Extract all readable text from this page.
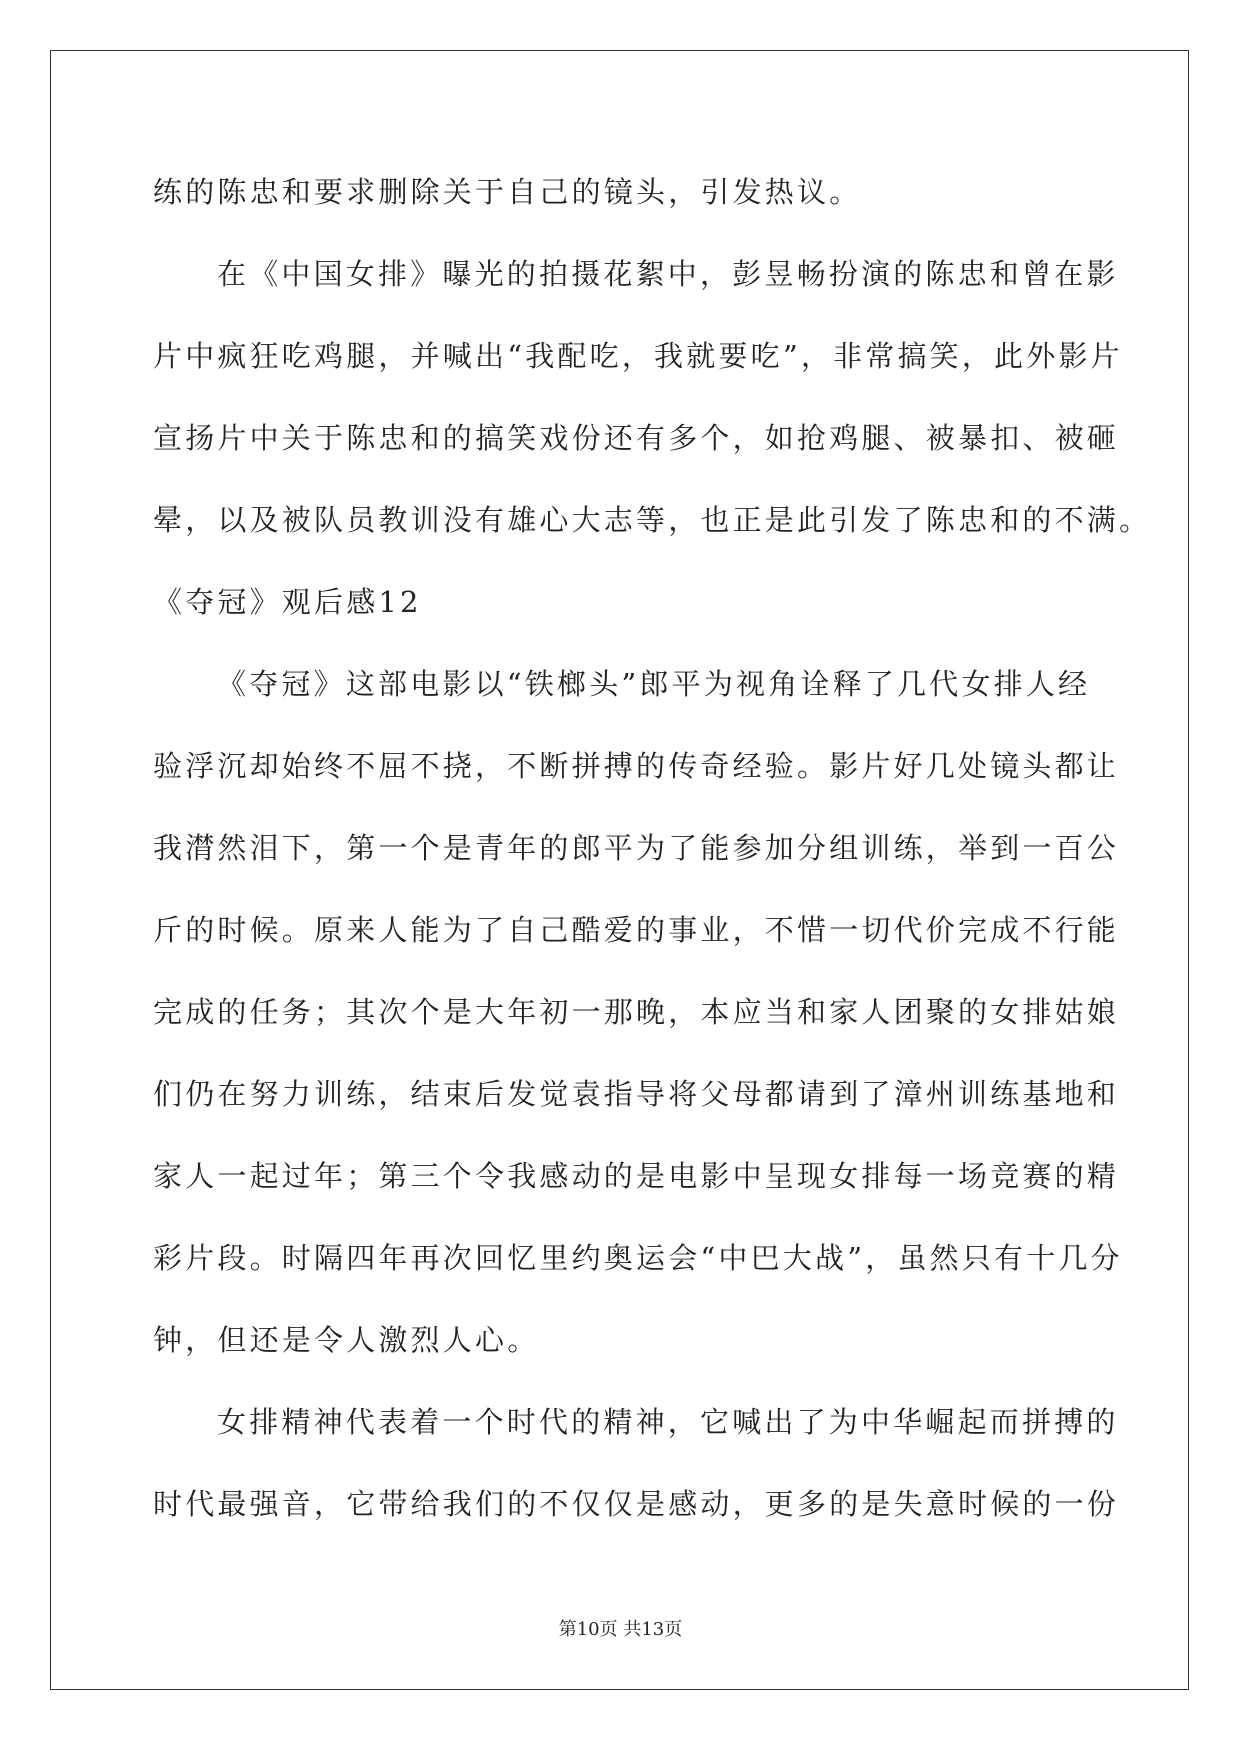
练的陈忠和要求删除关于自己的镜头，引发热议。
在《中国女排》曝光的拍摄花絮中，彭昱畅扮演的陈忠和曾在影
片中疯狂吃鸡腿，并喊出“我配吃，我就要吃”，非常搞笑，此外影片
宣扬片中关于陈忠和的搞笑戏份还有多个，如抢鸡腿、被暴扣、被砸
晕，以及被队员教训没有雄心大志等，也正是此引发了陈忠和的不满。
《夺冠》观后感12
《夺冠》这部电影以“铁榔头”郎平为视角诠释了几代女排人经
验浮沉却始终不屈不挠，不断拼搏的传奇经验。影片好几处镜头都让
我潸然泪下，第一个是青年的郎平为了能参加分组训练，举到一百公
斤的时候。原来人能为了自己酷爱的事业，不惜一切代价完成不行能
完成的任务；其次个是大年初一那晚，本应当和家人团聚的女排姑娘
们仍在努力训练，结束后发觉袁指导将父母都请到了漳州训练基地和
家人一起过年；第三个令我感动的是电影中呈现女排每一场竞赛的精
彩片段。时隔四年再次回忆里约奥运会“中巴大战”，虽然只有十几分
钟，但还是令人激烈人心。
女排精神代表着一个时代的精神，它喊出了为中华崛起而拼搏的
时代最强音，它带给我们的不仅仅是感动，更多的是失意时候的一份
第10页 共13页
